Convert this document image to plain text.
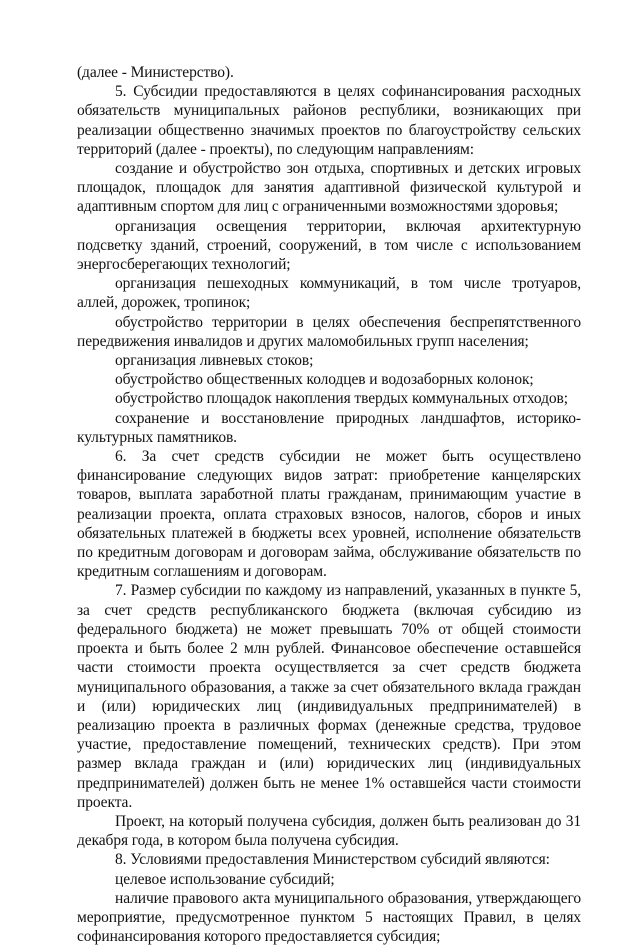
(далее - Министерство).

5. Субсидии предоставляются в целях софинансирования расходных обязательств муниципальных районов республики, возникающих при реализации общественно значимых проектов по благоустройству сельских территорий (далее - проекты), по следующим направлениям:

создание и обустройство зон отдыха, спортивных и детских игровых площадок, площадок для занятия адаптивной физической культурой и адаптивным спортом для лиц с ограниченными возможностями здоровья;

организация освещения территории, включая архитектурную подсветку зданий, строений, сооружений, в том числе с использованием энергосберегающих технологий;

организация пешеходных коммуникаций, в том числе тротуаров, аллей, дорожек, тропинок;

обустройство территории в целях обеспечения беспрепятственного передвижения инвалидов и других маломобильных групп населения;

организация ливневых стоков;

обустройство общественных колодцев и водозаборных колонок;

обустройство площадок накопления твердых коммунальных отходов;

сохранение и восстановление природных ландшафтов, историко-культурных памятников.

6. За счет средств субсидии не может быть осуществлено финансирование следующих видов затрат: приобретение канцелярских товаров, выплата заработной платы гражданам, принимающим участие в реализации проекта, оплата страховых взносов, налогов, сборов и иных обязательных платежей в бюджеты всех уровней, исполнение обязательств по кредитным договорам и договорам займа, обслуживание обязательств по кредитным соглашениям и договорам.

7. Размер субсидии по каждому из направлений, указанных в пункте 5, за счет средств республиканского бюджета (включая субсидию из федерального бюджета) не может превышать 70% от общей стоимости проекта и быть более 2 млн рублей. Финансовое обеспечение оставшейся части стоимости проекта осуществляется за счет средств бюджета муниципального образования, а также за счет обязательного вклада граждан и (или) юридических лиц (индивидуальных предпринимателей) в реализацию проекта в различных формах (денежные средства, трудовое участие, предоставление помещений, технических средств). При этом размер вклада граждан и (или) юридических лиц (индивидуальных предпринимателей) должен быть не менее 1% оставшейся части стоимости проекта.

Проект, на который получена субсидия, должен быть реализован до 31 декабря года, в котором была получена субсидия.

8. Условиями предоставления Министерством субсидий являются:

целевое использование субсидий;

наличие правового акта муниципального образования, утверждающего мероприятие, предусмотренное пунктом 5 настоящих Правил, в целях софинансирования которого предоставляется субсидия;
